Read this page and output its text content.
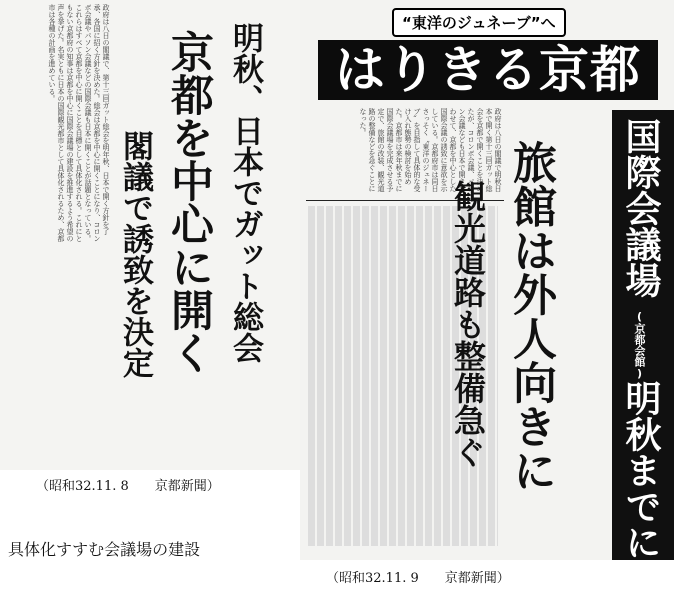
明秋、日本でガット総会
京都を中心に開く
閣議で誘致を決定
政府は八日の閣議で、第十三回ガット総会を明年秋、日本で開く方針を了承、各国に招く方針を決めた。総会は京都を中心に開くことになり、コロンボ会議やパソン会議などの国際会議も日本に開くことが話題となっている。これらはすべて京都を中心に開くことを目標として具体化される。これにともない京都府の知事は京都を中心に国際会議場の建設を推進するよう希望の声を挙げた。名実ともに日本の国際観光都市として具体化されるため、京都市は各種の計画を進めている。
（昭和32.11. 8　　京都新聞）
具体化すすむ会議場の建設
“東洋のジュネーブ”へ
はりきる京都
政府は八日の閣議で明秋日本で開く第十三回ガット総会を京都で開くことを決めたが、コロンボ会議、パソン会議なども日本で開き合わせて、京都を中心とした国際会議の誘致に意欲を示している。京都府市は同日さっそく〝東洋のジュネーブ〟を目指して具体的な受け入れ態勢の検討を始めた。京都市は来年秋までに国際会議場を完成させる予定で、旅館の改装、観光道路の整備などを急ぐことになった。
旅館は外人向きに
観光道路も整備急ぐ	国際会議場
(京都会館)
明秋までに
（昭和32.11. 9　　京都新聞）
